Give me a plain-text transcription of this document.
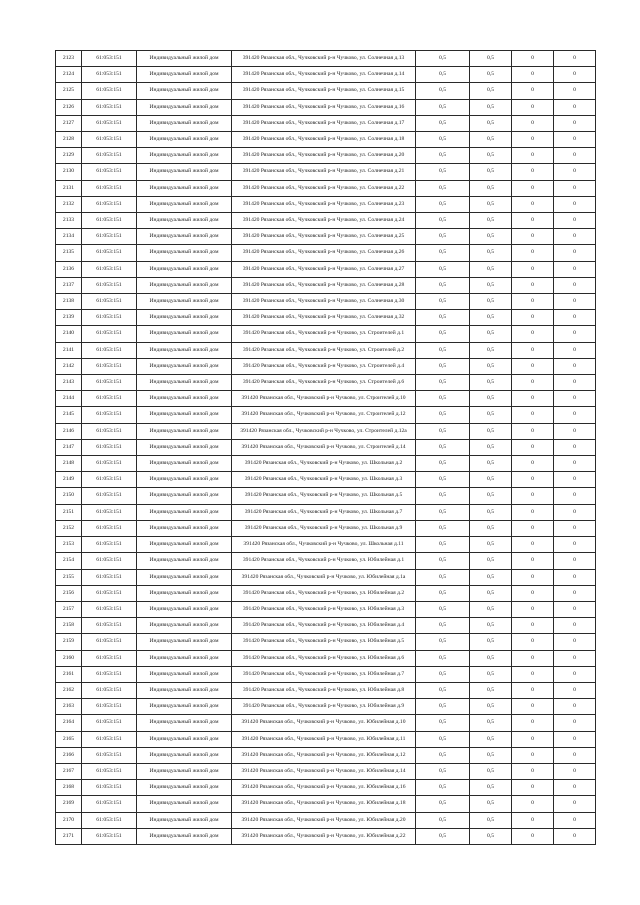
2123	61:053:151	Индивидуальный жилой дом	391420 Рязанская обл., Чучковский р-н Чучково, ул. Солнечная д.13	0,5	0,5	0	0
2124	61:053:151	Индивидуальный жилой дом	391420 Рязанская обл., Чучковский р-н Чучково, ул. Солнечная д.14	0,5	0,5	0	0
2125	61:053:151	Индивидуальный жилой дом	391420 Рязанская обл., Чучковский р-н Чучково, ул. Солнечная д.15	0,5	0,5	0	0
2126	61:053:151	Индивидуальный жилой дом	391420 Рязанская обл., Чучковский р-н Чучково, ул. Солнечная д.16	0,5	0,5	0	0
2127	61:053:151	Индивидуальный жилой дом	391420 Рязанская обл., Чучковский р-н Чучково, ул. Солнечная д.17	0,5	0,5	0	0
2128	61:053:151	Индивидуальный жилой дом	391420 Рязанская обл., Чучковский р-н Чучково, ул. Солнечная д.18	0,5	0,5	0	0
2129	61:053:151	Индивидуальный жилой дом	391420 Рязанская обл., Чучковский р-н Чучково, ул. Солнечная д.20	0,5	0,5	0	0
2130	61:053:151	Индивидуальный жилой дом	391420 Рязанская обл., Чучковский р-н Чучково, ул. Солнечная д.21	0,5	0,5	0	0
2131	61:053:151	Индивидуальный жилой дом	391420 Рязанская обл., Чучковский р-н Чучково, ул. Солнечная д.22	0,5	0,5	0	0
2132	61:053:151	Индивидуальный жилой дом	391420 Рязанская обл., Чучковский р-н Чучково, ул. Солнечная д.23	0,5	0,5	0	0
2133	61:053:151	Индивидуальный жилой дом	391420 Рязанская обл., Чучковский р-н Чучково, ул. Солнечная д.24	0,5	0,5	0	0
2134	61:053:151	Индивидуальный жилой дом	391420 Рязанская обл., Чучковский р-н Чучково, ул. Солнечная д.25	0,5	0,5	0	0
2135	61:053:151	Индивидуальный жилой дом	391420 Рязанская обл., Чучковский р-н Чучково, ул. Солнечная д.26	0,5	0,5	0	0
2136	61:053:151	Индивидуальный жилой дом	391420 Рязанская обл., Чучковский р-н Чучково, ул. Солнечная д.27	0,5	0,5	0	0
2137	61:053:151	Индивидуальный жилой дом	391420 Рязанская обл., Чучковский р-н Чучково, ул. Солнечная д.28	0,5	0,5	0	0
2138	61:053:151	Индивидуальный жилой дом	391420 Рязанская обл., Чучковский р-н Чучково, ул. Солнечная д.30	0,5	0,5	0	0
2139	61:053:151	Индивидуальный жилой дом	391420 Рязанская обл., Чучковский р-н Чучково, ул. Солнечная д.32	0,5	0,5	0	0
2140	61:053:151	Индивидуальный жилой дом	391420 Рязанская обл., Чучковский р-н Чучково, ул. Строителей д.1	0,5	0,5	0	0
2141	61:053:151	Индивидуальный жилой дом	391420 Рязанская обл., Чучковский р-н Чучково, ул. Строителей д.2	0,5	0,5	0	0
2142	61:053:151	Индивидуальный жилой дом	391420 Рязанская обл., Чучковский р-н Чучково, ул. Строителей д.4	0,5	0,5	0	0
2143	61:053:151	Индивидуальный жилой дом	391420 Рязанская обл., Чучковский р-н Чучково, ул. Строителей д.6	0,5	0,5	0	0
2144	61:053:151	Индивидуальный жилой дом	391420 Рязанская обл., Чучковский р-н Чучково, ул. Строителей д.10	0,5	0,5	0	0
2145	61:053:151	Индивидуальный жилой дом	391420 Рязанская обл., Чучковский р-н Чучково, ул. Строителей д.12	0,5	0,5	0	0
2146	61:053:151	Индивидуальный жилой дом	391420 Рязанская обл., Чучковский р-н Чучково, ул. Строителей д.12а	0,5	0,5	0	0
2147	61:053:151	Индивидуальный жилой дом	391420 Рязанская обл., Чучковский р-н Чучково, ул. Строителей д.14	0,5	0,5	0	0
2148	61:053:151	Индивидуальный жилой дом	391420 Рязанская обл., Чучковский р-н Чучково, ул. Школьная д.2	0,5	0,5	0	0
2149	61:053:151	Индивидуальный жилой дом	391420 Рязанская обл., Чучковский р-н Чучково, ул. Школьная д.3	0,5	0,5	0	0
2150	61:053:151	Индивидуальный жилой дом	391420 Рязанская обл., Чучковский р-н Чучково, ул. Школьная д.5	0,5	0,5	0	0
2151	61:053:151	Индивидуальный жилой дом	391420 Рязанская обл., Чучковский р-н Чучково, ул. Школьная д.7	0,5	0,5	0	0
2152	61:053:151	Индивидуальный жилой дом	391420 Рязанская обл., Чучковский р-н Чучково, ул. Школьная д.9	0,5	0,5	0	0
2153	61:053:151	Индивидуальный жилой дом	391420 Рязанская обл., Чучковский р-н Чучково, ул. Школьная д.11	0,5	0,5	0	0
2154	61:053:151	Индивидуальный жилой дом	391420 Рязанская обл., Чучковский р-н Чучково, ул. Юбилейная д.1	0,5	0,5	0	0
2155	61:053:151	Индивидуальный жилой дом	391420 Рязанская обл., Чучковский р-н Чучково, ул. Юбилейная д.1а	0,5	0,5	0	0
2156	61:053:151	Индивидуальный жилой дом	391420 Рязанская обл., Чучковский р-н Чучково, ул. Юбилейная д.2	0,5	0,5	0	0
2157	61:053:151	Индивидуальный жилой дом	391420 Рязанская обл., Чучковский р-н Чучково, ул. Юбилейная д.3	0,5	0,5	0	0
2158	61:053:151	Индивидуальный жилой дом	391420 Рязанская обл., Чучковский р-н Чучково, ул. Юбилейная д.4	0,5	0,5	0	0
2159	61:053:151	Индивидуальный жилой дом	391420 Рязанская обл., Чучковский р-н Чучково, ул. Юбилейная д.5	0,5	0,5	0	0
2160	61:053:151	Индивидуальный жилой дом	391420 Рязанская обл., Чучковский р-н Чучково, ул. Юбилейная д.6	0,5	0,5	0	0
2161	61:053:151	Индивидуальный жилой дом	391420 Рязанская обл., Чучковский р-н Чучково, ул. Юбилейная д.7	0,5	0,5	0	0
2162	61:053:151	Индивидуальный жилой дом	391420 Рязанская обл., Чучковский р-н Чучково, ул. Юбилейная д.8	0,5	0,5	0	0
2163	61:053:151	Индивидуальный жилой дом	391420 Рязанская обл., Чучковский р-н Чучково, ул. Юбилейная д.9	0,5	0,5	0	0
2164	61:053:151	Индивидуальный жилой дом	391420 Рязанская обл., Чучковский р-н Чучково, ул. Юбилейная д.10	0,5	0,5	0	0
2165	61:053:151	Индивидуальный жилой дом	391420 Рязанская обл., Чучковский р-н Чучково, ул. Юбилейная д.11	0,5	0,5	0	0
2166	61:053:151	Индивидуальный жилой дом	391420 Рязанская обл., Чучковский р-н Чучково, ул. Юбилейная д.12	0,5	0,5	0	0
2167	61:053:151	Индивидуальный жилой дом	391420 Рязанская обл., Чучковский р-н Чучково, ул. Юбилейная д.14	0,5	0,5	0	0
2168	61:053:151	Индивидуальный жилой дом	391420 Рязанская обл., Чучковский р-н Чучково, ул. Юбилейная д.16	0,5	0,5	0	0
2169	61:053:151	Индивидуальный жилой дом	391420 Рязанская обл., Чучковский р-н Чучково, ул. Юбилейная д.18	0,5	0,5	0	0
2170	61:053:151	Индивидуальный жилой дом	391420 Рязанская обл., Чучковский р-н Чучково, ул. Юбилейная д.20	0,5	0,5	0	0
2171	61:053:151	Индивидуальный жилой дом	391420 Рязанская обл., Чучковский р-н Чучково, ул. Юбилейная д.22	0,5	0,5	0	0
